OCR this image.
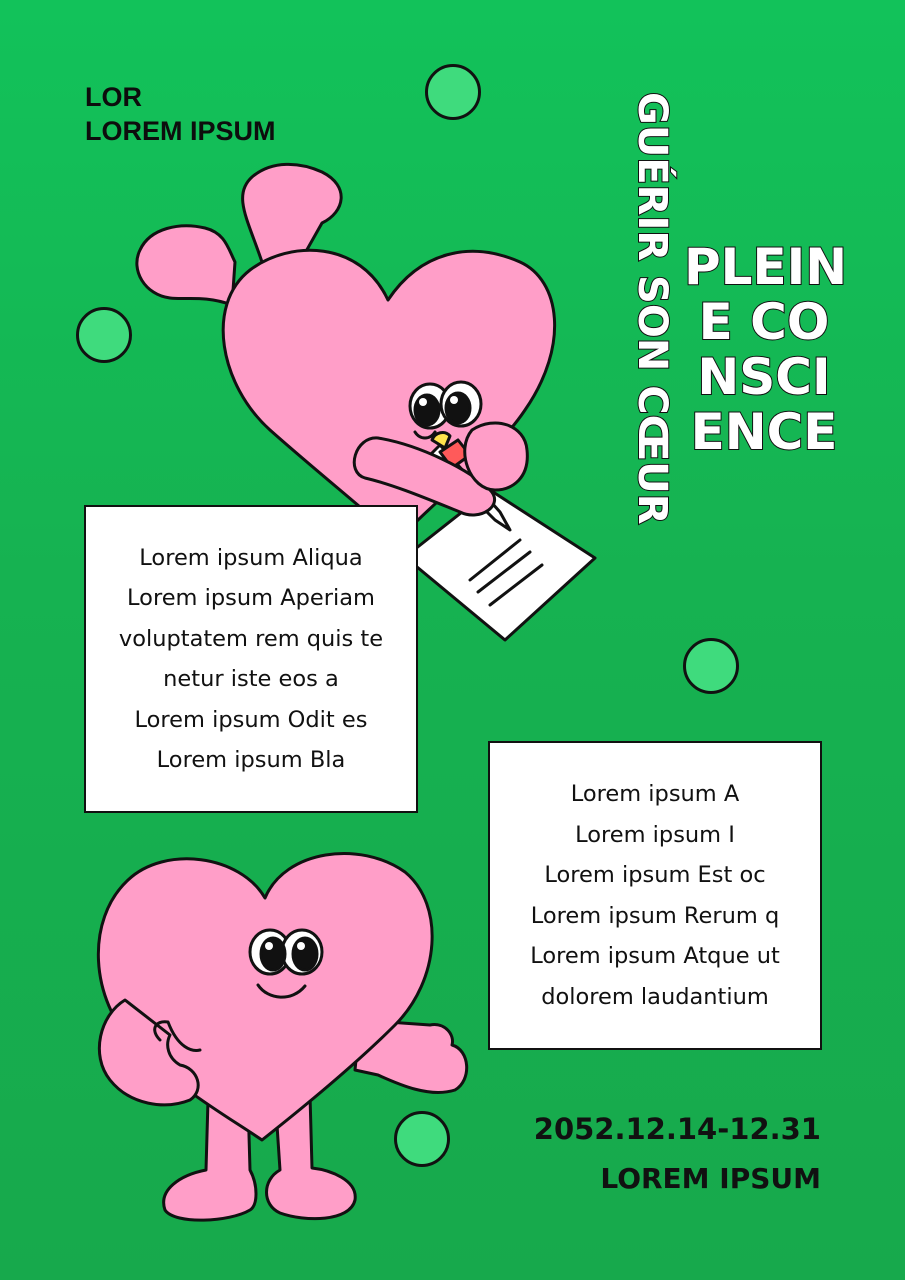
LOR
LOREM IPSUM	GUÉRIR SON CŒUR PLEIN
E CO
NSCI
ENCE
Lorem ipsum Aliqua
Lorem ipsum Aperiam
voluptatem rem quis te
netur iste eos a
Lorem ipsum Odit es
Lorem ipsum Bla
Lorem ipsum A
Lorem ipsum I
Lorem ipsum Est oc
Lorem ipsum Rerum q
Lorem ipsum Atque ut
dolorem laudantium
2052.12.14-12.31
LOREM IPSUM
